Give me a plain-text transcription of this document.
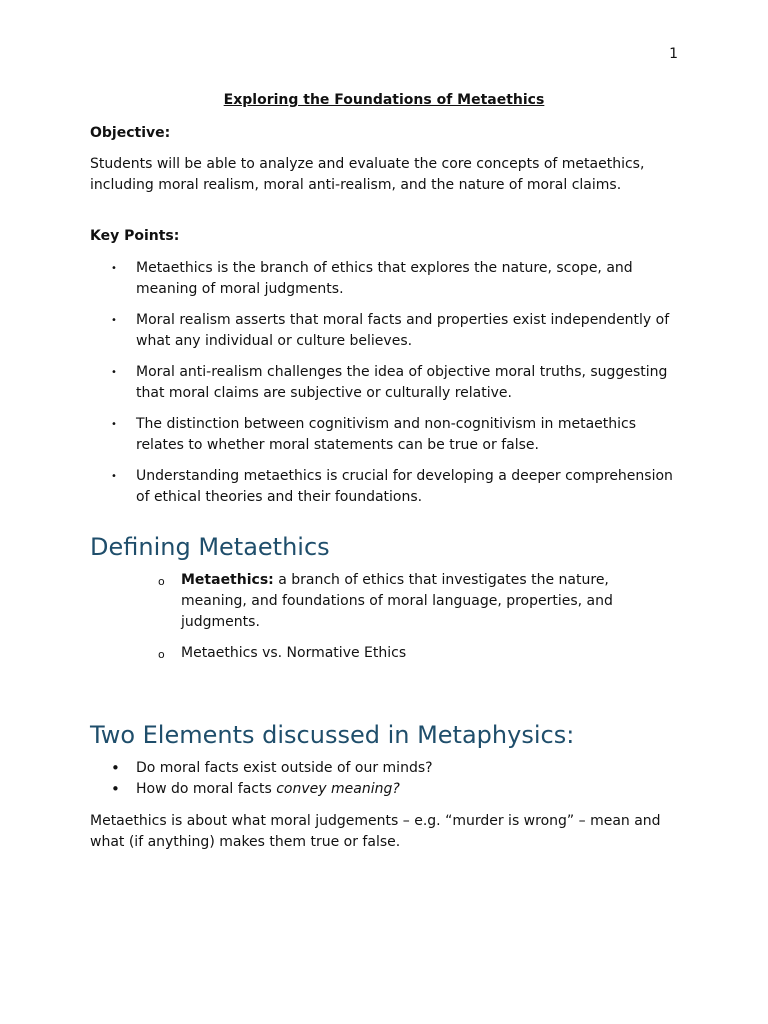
1
Exploring the Foundations of Metaethics
Objective:

Students will be able to analyze and evaluate the core concepts of metaethics, including moral realism, moral anti-realism, and the nature of moral claims.

Key Points:
• Metaethics is the branch of ethics that explores the nature, scope, and meaning of moral judgments.
• Moral realism asserts that moral facts and properties exist independently of what any individual or culture believes.
• Moral anti-realism challenges the idea of objective moral truths, suggesting that moral claims are subjective or culturally relative.
• The distinction between cognitivism and non-cognitivism in metaethics relates to whether moral statements can be true or false.
• Understanding metaethics is crucial for developing a deeper comprehension of ethical theories and their foundations.
Defining Metaethics
o Metaethics: a branch of ethics that investigates the nature, meaning, and foundations of moral language, properties, and judgments.
o Metaethics vs. Normative Ethics
Two Elements discussed in Metaphysics:
• Do moral facts exist outside of our minds?
• How do moral facts convey meaning?

Metaethics is about what moral judgements – e.g. “murder is wrong” – mean and what (if anything) makes them true or false.
